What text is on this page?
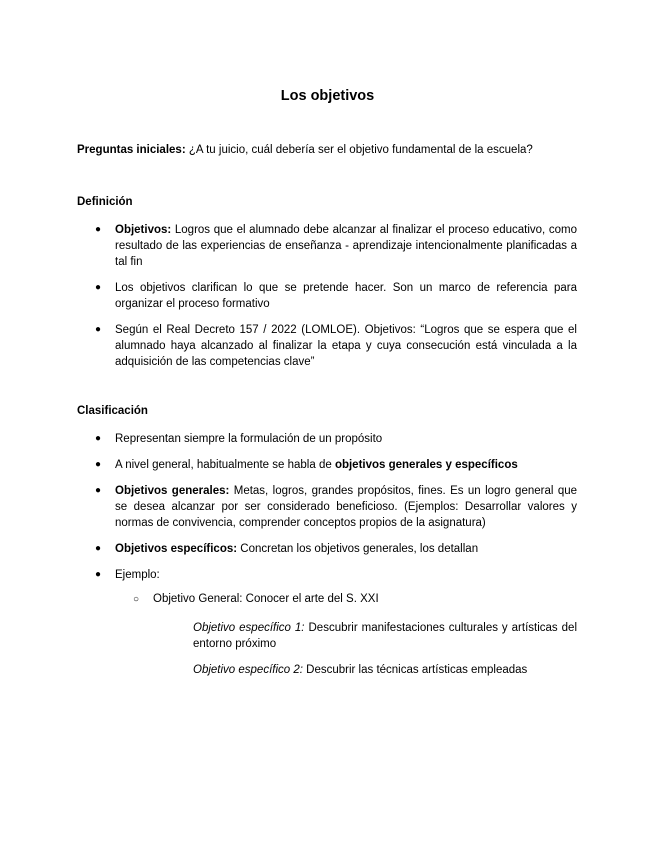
Los objetivos
Preguntas iniciales: ¿A tu juicio, cuál debería ser el objetivo fundamental de la escuela?
Definición
● Objetivos: Logros que el alumnado debe alcanzar al finalizar el proceso educativo, como resultado de las experiencias de enseñanza - aprendizaje intencionalmente planificadas a tal fin
● Los objetivos clarifican lo que se pretende hacer. Son un marco de referencia para organizar el proceso formativo
● Según el Real Decreto 157 / 2022 (LOMLOE). Objetivos: “Logros que se espera que el alumnado haya alcanzado al finalizar la etapa y cuya consecución está vinculada a la adquisición de las competencias clave”
Clasificación
● Representan siempre la formulación de un propósito
● A nivel general, habitualmente se habla de objetivos generales y específicos
● Objetivos generales: Metas, logros, grandes propósitos, fines. Es un logro general que se desea alcanzar por ser considerado beneficioso. (Ejemplos: Desarrollar valores y normas de convivencia, comprender conceptos propios de la asignatura)
● Objetivos específicos: Concretan los objetivos generales, los detallan
● Ejemplo:
○ Objetivo General: Conocer el arte del S. XXI
Objetivo específico 1: Descubrir manifestaciones culturales y artísticas del entorno próximo
Objetivo específico 2: Descubrir las técnicas artísticas empleadas
